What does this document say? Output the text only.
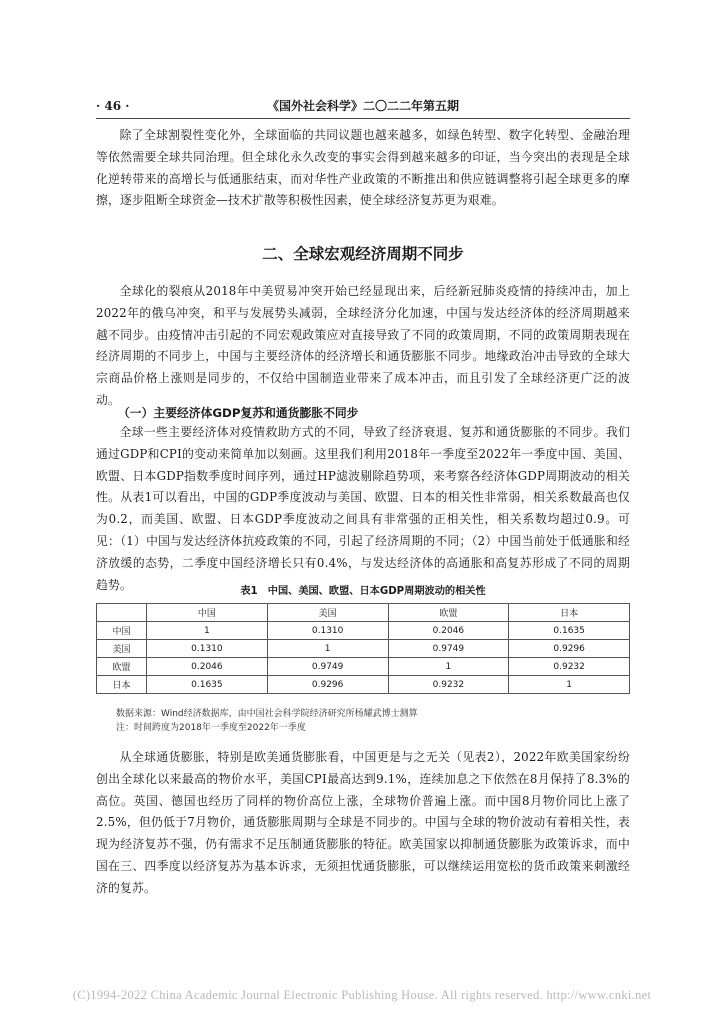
· 46 ·	《国外社会科学》二〇二二年第五期

除了全球割裂性变化外，全球面临的共同议题也越来越多，如绿色转型、数字化转型、金融治理等依然需要全球共同治理。但全球化永久改变的事实会得到越来越多的印证，当今突出的表现是全球化逆转带来的高增长与低通胀结束，而对华性产业政策的不断推出和供应链调整将引起全球更多的摩擦，逐步阻断全球资金—技术扩散等积极性因素，使全球经济复苏更为艰难。

二、全球宏观经济周期不同步

全球化的裂痕从2018年中美贸易冲突开始已经显现出来，后经新冠肺炎疫情的持续冲击，加上2022年的俄乌冲突，和平与发展势头减弱，全球经济分化加速，中国与发达经济体的经济周期越来越不同步。由疫情冲击引起的不同宏观政策应对直接导致了不同的政策周期，不同的政策周期表现在经济周期的不同步上，中国与主要经济体的经济增长和通货膨胀不同步。地缘政治冲击导致的全球大宗商品价格上涨则是同步的，不仅给中国制造业带来了成本冲击，而且引发了全球经济更广泛的波动。

（一）主要经济体GDP复苏和通货膨胀不同步

全球一些主要经济体对疫情救助方式的不同，导致了经济衰退、复苏和通货膨胀的不同步。我们通过GDP和CPI的变动来简单加以刻画。这里我们利用2018年一季度至2022年一季度中国、美国、欧盟、日本GDP指数季度时间序列，通过HP滤波剔除趋势项，来考察各经济体GDP周期波动的相关性。从表1可以看出，中国的GDP季度波动与美国、欧盟、日本的相关性非常弱，相关系数最高也仅为0.2，而美国、欧盟、日本GDP季度波动之间具有非常强的正相关性，相关系数均超过0.9。可见：（1）中国与发达经济体抗疫政策的不同，引起了经济周期的不同；（2）中国当前处于低通胀和经济放缓的态势，二季度中国经济增长只有0.4%，与发达经济体的高通胀和高复苏形成了不同的周期趋势。	表1　中国、美国、欧盟、日本GDP周期波动的相关性
	中国	美国	欧盟	日本
中国	1	0.1310	0.2046	0.1635
美国	0.1310	1	0.9749	0.9296
欧盟	0.2046	0.9749	1	0.9232
日本	0.1635	0.9296	0.9232	1
数据来源：Wind经济数据库，由中国社会科学院经济研究所杨耀武博士测算
注：时间跨度为2018年一季度至2022年一季度

从全球通货膨胀，特别是欧美通货膨胀看，中国更是与之无关（见表2），2022年欧美国家纷纷创出全球化以来最高的物价水平，美国CPI最高达到9.1%，连续加息之下依然在8月保持了8.3%的高位。英国、德国也经历了同样的物价高位上涨，全球物价普遍上涨。而中国8月物价同比上涨了2.5%，但仍低于7月物价，通货膨胀周期与全球是不同步的。中国与全球的物价波动有着相关性，表现为经济复苏不强，仍有需求不足压制通货膨胀的特征。欧美国家以抑制通货膨胀为政策诉求，而中国在三、四季度以经济复苏为基本诉求，无须担忧通货膨胀，可以继续运用宽松的货币政策来刺激经济的复苏。

(C)1994-2022 China Academic Journal Electronic Publishing House. All rights reserved. http://www.cnki.net
